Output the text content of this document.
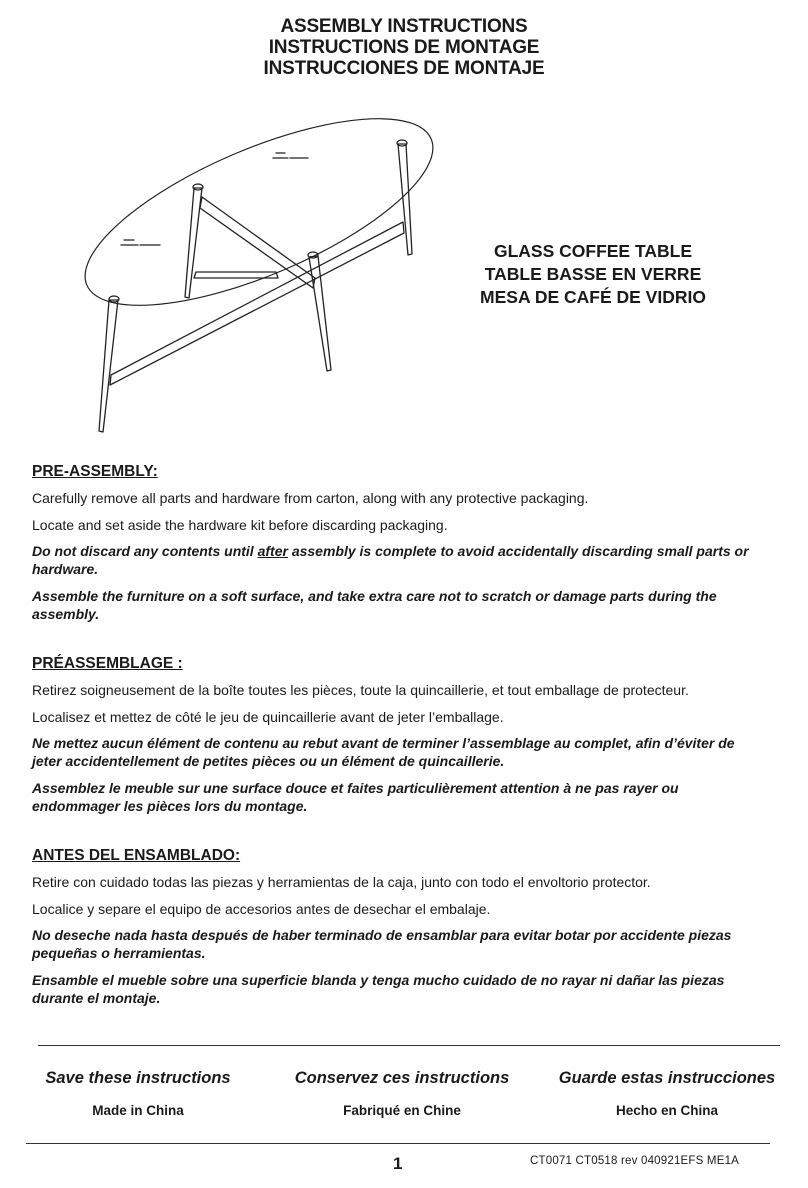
ASSEMBLY INSTRUCTIONS
INSTRUCTIONS DE MONTAGE
INSTRUCCIONES DE MONTAJE
GLASS COFFEE TABLE
TABLE BASSE EN VERRE
MESA DE CAFÉ DE VIDRIO
PRE-ASSEMBLY:

Carefully remove all parts and hardware from carton, along with any protective packaging.

Locate and set aside the hardware kit before discarding packaging.

Do not discard any contents until after assembly is complete to avoid accidentally discarding small parts or hardware.

Assemble the furniture on a soft surface, and take extra care not to scratch or damage parts during the assembly.

PRÉASSEMBLAGE :

Retirez soigneusement de la boîte toutes les pièces, toute la quincaillerie, et tout emballage de protecteur.

Localisez et mettez de côté le jeu de quincaillerie avant de jeter l’emballage.

Ne mettez aucun élément de contenu au rebut avant de terminer l’assemblage au complet, afin d’éviter de jeter accidentellement de petites pièces ou un élément de quincaillerie.

Assemblez le meuble sur une surface douce et faites particulièrement attention à ne pas rayer ou endommager les pièces lors du montage.

ANTES DEL ENSAMBLADO:

Retire con cuidado todas las piezas y herramientas de la caja, junto con todo el envoltorio protector.

Localice y separe el equipo de accesorios antes de desechar el embalaje.

No deseche nada hasta después de haber terminado de ensamblar para evitar botar por accidente piezas pequeñas o herramientas.

Ensamble el mueble sobre una superficie blanda y tenga mucho cuidado de no rayar ni dañar las piezas durante el montaje.

Save these instructions
Made in China
Conservez ces instructions
Fabriqué en Chine
Guarde estas instrucciones
Hecho en China
1	CT0071 CT0518 rev 040921EFS ME1A
